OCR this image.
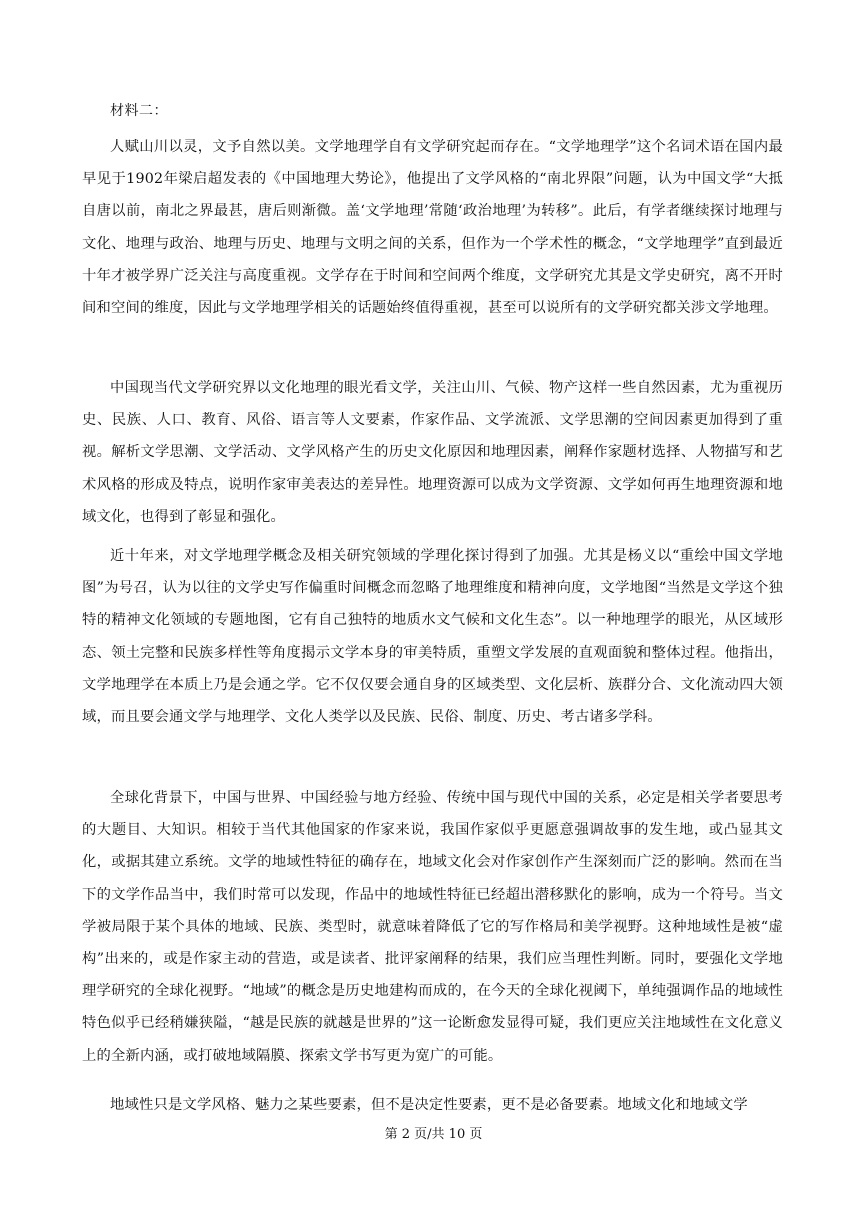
材料二：

人赋山川以灵，文予自然以美。文学地理学自有文学研究起而存在。“文学地理学”这个名词术语在国内最早见于1902年梁启超发表的《中国地理大势论》，他提出了文学风格的“南北界限”问题，认为中国文学“大抵自唐以前，南北之界最甚，唐后则渐微。盖‘文学地理’常随‘政治地理’为转移”。此后，有学者继续探讨地理与文化、地理与政治、地理与历史、地理与文明之间的关系，但作为一个学术性的概念，“文学地理学”直到最近十年才被学界广泛关注与高度重视。文学存在于时间和空间两个维度，文学研究尤其是文学史研究，离不开时间和空间的维度，因此与文学地理学相关的话题始终值得重视，甚至可以说所有的文学研究都关涉文学地理。

中国现当代文学研究界以文化地理的眼光看文学，关注山川、气候、物产这样一些自然因素，尤为重视历史、民族、人口、教育、风俗、语言等人文要素，作家作品、文学流派、文学思潮的空间因素更加得到了重视。解析文学思潮、文学活动、文学风格产生的历史文化原因和地理因素，阐释作家题材选择、人物描写和艺术风格的形成及特点，说明作家审美表达的差异性。地理资源可以成为文学资源、文学如何再生地理资源和地域文化，也得到了彰显和强化。

近十年来，对文学地理学概念及相关研究领域的学理化探讨得到了加强。尤其是杨义以“重绘中国文学地图”为号召，认为以往的文学史写作偏重时间概念而忽略了地理维度和精神向度，文学地图“当然是文学这个独特的精神文化领域的专题地图，它有自己独特的地质水文气候和文化生态”。以一种地理学的眼光，从区域形态、领土完整和民族多样性等角度揭示文学本身的审美特质，重塑文学发展的直观面貌和整体过程。他指出，文学地理学在本质上乃是会通之学。它不仅仅要会通自身的区域类型、文化层析、族群分合、文化流动四大领域，而且要会通文学与地理学、文化人类学以及民族、民俗、制度、历史、考古诸多学科。

全球化背景下，中国与世界、中国经验与地方经验、传统中国与现代中国的关系，必定是相关学者要思考的大题目、大知识。相较于当代其他国家的作家来说，我国作家似乎更愿意强调故事的发生地，或凸显其文化，或据其建立系统。文学的地域性特征的确存在，地域文化会对作家创作产生深刻而广泛的影响。然而在当下的文学作品当中，我们时常可以发现，作品中的地域性特征已经超出潜移默化的影响，成为一个符号。当文学被局限于某个具体的地域、民族、类型时，就意味着降低了它的写作格局和美学视野。这种地域性是被“虚构”出来的，或是作家主动的营造，或是读者、批评家阐释的结果，我们应当理性判断。同时，要强化文学地理学研究的全球化视野。“地域”的概念是历史地建构而成的，在今天的全球化视阈下，单纯强调作品的地域性特色似乎已经稍嫌狭隘，“越是民族的就越是世界的”这一论断愈发显得可疑，我们更应关注地域性在文化意义上的全新内涵，或打破地域隔膜、探索文学书写更为宽广的可能。

地域性只是文学风格、魅力之某些要素，但不是决定性要素，更不是必备要素。地域文化和地域文学

第 2 页/共 10 页
